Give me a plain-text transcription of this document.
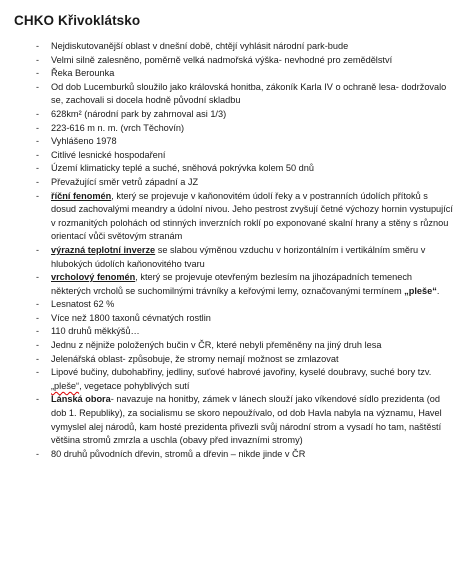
CHKO Křivoklátsko
- Nejdiskutovanější oblast v dnešní době, chtějí vyhlásit národní park-bude
- Velmi silně zalesněno, poměrně velká nadmořská výška- nevhodné pro zemědělství
- Řeka Berounka
- Od dob Lucemburků sloužilo jako královská honitba, zákoník Karla IV o ochraně lesa- dodržovalo se, zachovali si docela hodně původní skladbu
- 628km² (národní park by zahrnoval asi 1/3)
- 223-616 m n. m. (vrch Těchovín)
- Vyhlášeno 1978
- Citlivé lesnické hospodaření
- Území klimaticky teplé a suché, sněhová pokrývka kolem 50 dnů
- Převažující směr vetrů západní a JZ
- říční fenomén, který se projevuje v kaňonovitém údolí řeky a v postranních údolích přítoků s dosud zachovalými meandry a údolní nivou. Jeho pestrost zvyšují četné výchozy hornin vystupující v rozmanitých polohách od stinných inverzních roklí po exponované skalní hrany a stěny s různou orientací vůči světovým stranám
- výrazná teplotní inverze se slabou výměnou vzduchu v horizontálním i vertikálním směru v hlubokých údolích kaňonovitého tvaru
- vrcholový fenomén, který se projevuje otevřeným bezlesím na jihozápadních temenech některých vrcholů se suchomilnými trávníky a keřovými lemy, označovanými termínem „pleše“.
- Lesnatost 62 %
- Více než 1800 taxonů cévnatých rostlin
- 110 druhů měkkýšů…
- Jednu z nějnіže položených bučin v ČR, které nebyli přeměněny na jiný druh lesa
- Jelenářská oblast- způsobuje, že stromy nemají možnost se zmlazovat
- Lipové bučiny, dubohabřiny, jedliny, suťové habrové javořiny, kyselé doubravy, suché bory tzv. „pleše“, vegetace pohyblivých sutí
- Lánská obora- navazuje na honitby, zámek v lánech slouží jako víkendové sídlo prezidenta (od dob 1. Republiky), za socialismu se skoro nepoužívalo, od dob Havla nabyla na významu, Havel vymyslel alej národů, kam hosté prezidenta přivezli svůj národní strom a vysadí ho tam, naštěstí většina stromů zmrzla a uschla (obavy před invazními stromy)
- 80 druhů původních dřevin, stromů a dřevin – nikde jinde v ČR
